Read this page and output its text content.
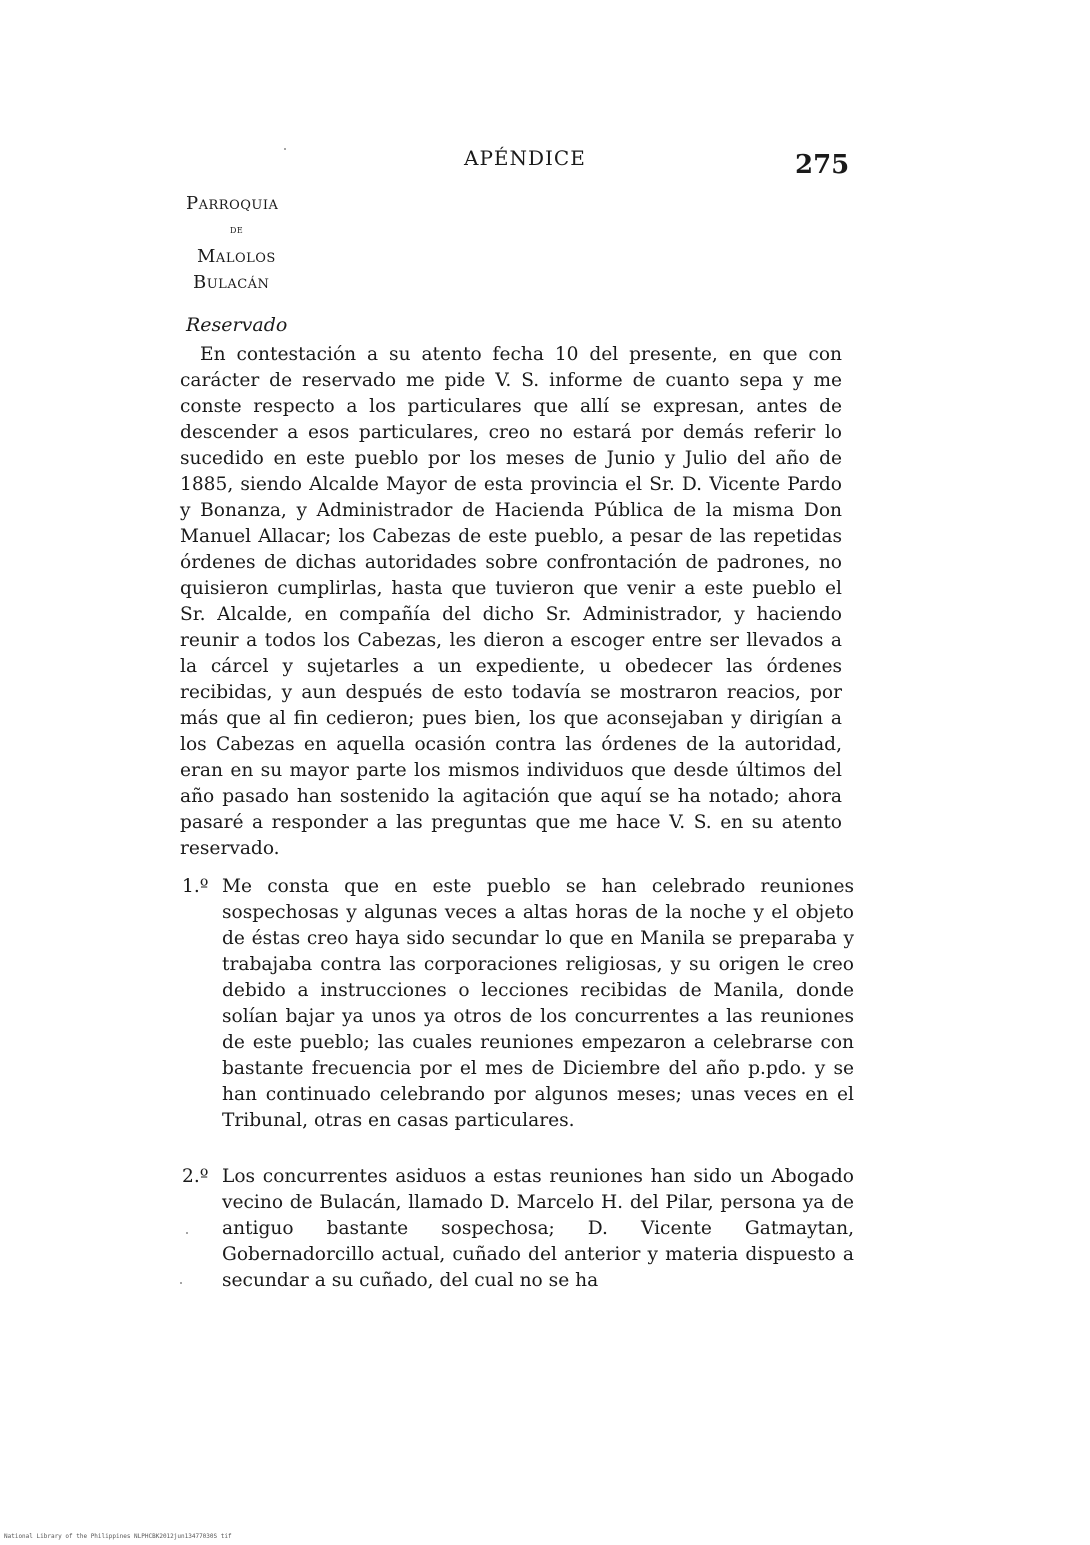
APÉNDICE	275
Parroquia
de
Malolos
Bulacán
Reservado

En contestación a su atento fecha 10 del presente, en que con carácter de reservado me pide V. S. informe de cuanto sepa y me conste respecto a los particulares que allí se expresan, antes de descender a esos particulares, creo no estará por demás referir lo sucedido en este pueblo por los meses de Junio y Julio del año de 1885, siendo Alcalde Mayor de esta provincia el Sr. D. Vicente Pardo y Bonanza, y Administrador de Hacienda Pública de la misma Don Manuel Allacar; los Cabezas de este pueblo, a pesar de las repetidas órdenes de dichas autoridades sobre confrontación de padrones, no quisieron cumplirlas, hasta que tuvieron que venir a este pueblo el Sr. Alcalde, en compañía del dicho Sr. Administrador, y haciendo reunir a todos los Cabezas, les dieron a escoger entre ser llevados a la cárcel y sujetarles a un expediente, u obedecer las órdenes recibidas, y aun después de esto todavía se mostraron reacios, por más que al fin cedieron; pues bien, los que aconsejaban y dirigían a los Cabezas en aquella ocasión contra las órdenes de la autoridad, eran en su mayor parte los mismos individuos que desde últimos del año pasado han sostenido la agitación que aquí se ha notado; ahora pasaré a responder a las preguntas que me hace V. S. en su atento reservado.

1.º Me consta que en este pueblo se han celebrado reuniones sospechosas y algunas veces a altas horas de la noche y el objeto de éstas creo haya sido secundar lo que en Manila se preparaba y trabajaba contra las corporaciones religiosas, y su origen le creo debido a instrucciones o lecciones recibidas de Manila, donde solían bajar ya unos ya otros de los concurrentes a las reuniones de este pueblo; las cuales reuniones empezaron a celebrarse con bastante frecuencia por el mes de Diciembre del año p.pdo. y se han continuado celebrando por algunos meses; unas veces en el Tribunal, otras en casas particulares.
2.º Los concurrentes asiduos a estas reuniones han sido un Abogado vecino de Bulacán, llamado D. Marcelo H. del Pilar, persona ya de antiguo bastante sospechosa; D. Vicente Gatmaytan, Gobernadorcillo actual, cuñado del anterior y materia dispuesto a secundar a su cuñado, del cual no se ha
National Library of the Philippines NLPHCBK2012jun13477030S tif
